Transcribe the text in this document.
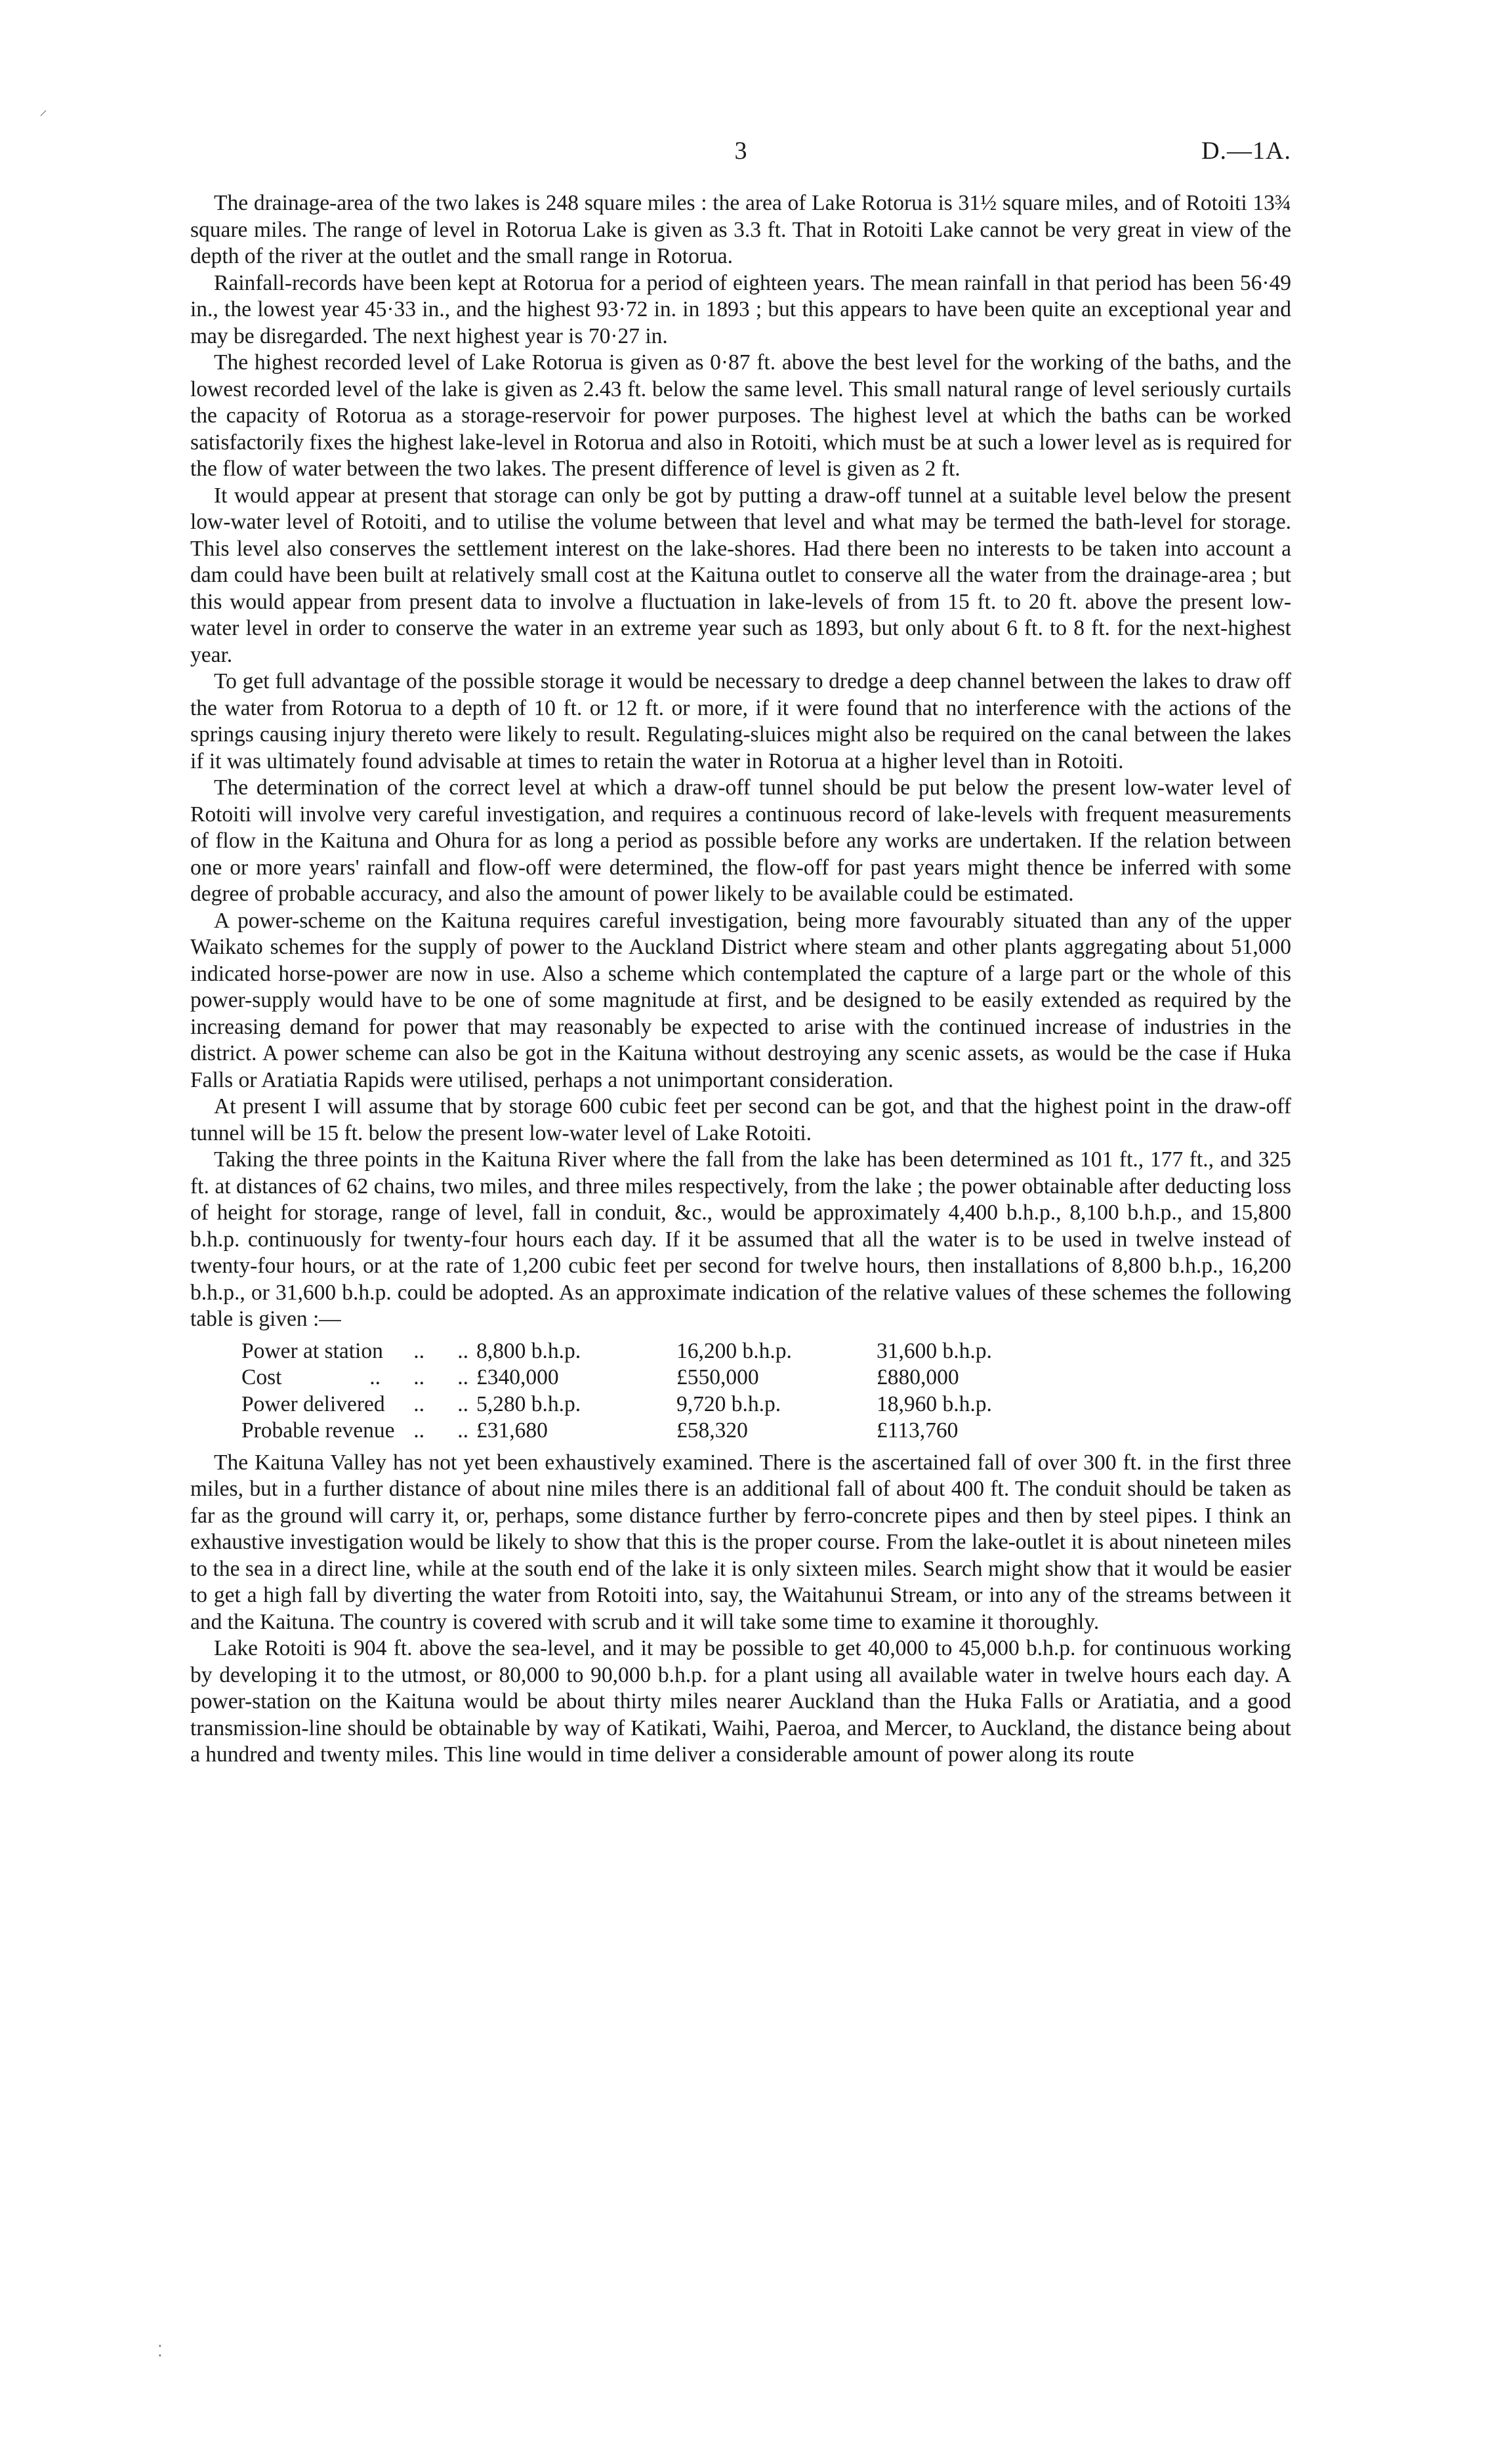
⸝
⁚
3	D.—1A.

The drainage-area of the two lakes is 248 square miles : the area of Lake Rotorua is 31½ square miles, and of Rotoiti 13¾ square miles. The range of level in Rotorua Lake is given as 3.3 ft. That in Rotoiti Lake cannot be very great in view of the depth of the river at the outlet and the small range in Rotorua.

Rainfall-records have been kept at Rotorua for a period of eighteen years. The mean rainfall in that period has been 56·49 in., the lowest year 45·33 in., and the highest 93·72 in. in 1893 ; but this appears to have been quite an exceptional year and may be disregarded. The next highest year is 70·27 in.

The highest recorded level of Lake Rotorua is given as 0·87 ft. above the best level for the working of the baths, and the lowest recorded level of the lake is given as 2.43 ft. below the same level. This small natural range of level seriously curtails the capacity of Rotorua as a storage-reservoir for power purposes. The highest level at which the baths can be worked satisfactorily fixes the highest lake-level in Rotorua and also in Rotoiti, which must be at such a lower level as is required for the flow of water between the two lakes. The present difference of level is given as 2 ft.

It would appear at present that storage can only be got by putting a draw-off tunnel at a suitable level below the present low-water level of Rotoiti, and to utilise the volume between that level and what may be termed the bath-level for storage. This level also conserves the settlement interest on the lake-shores. Had there been no interests to be taken into account a dam could have been built at relatively small cost at the Kaituna outlet to conserve all the water from the drainage-area ; but this would appear from present data to involve a fluctuation in lake-levels of from 15 ft. to 20 ft. above the present low-water level in order to conserve the water in an extreme year such as 1893, but only about 6 ft. to 8 ft. for the next-highest year.

To get full advantage of the possible storage it would be necessary to dredge a deep channel between the lakes to draw off the water from Rotorua to a depth of 10 ft. or 12 ft. or more, if it were found that no interference with the actions of the springs causing injury thereto were likely to result. Regulating-sluices might also be required on the canal between the lakes if it was ultimately found advisable at times to retain the water in Rotorua at a higher level than in Rotoiti.

The determination of the correct level at which a draw-off tunnel should be put below the present low-water level of Rotoiti will involve very careful investigation, and requires a continuous record of lake-levels with frequent measurements of flow in the Kaituna and Ohura for as long a period as possible before any works are undertaken. If the relation between one or more years' rainfall and flow-off were determined, the flow-off for past years might thence be inferred with some degree of probable accuracy, and also the amount of power likely to be available could be estimated.

A power-scheme on the Kaituna requires careful investigation, being more favourably situated than any of the upper Waikato schemes for the supply of power to the Auckland District where steam and other plants aggregating about 51,000 indicated horse-power are now in use. Also a scheme which contemplated the capture of a large part or the whole of this power-supply would have to be one of some magnitude at first, and be designed to be easily extended as required by the increasing demand for power that may reasonably be expected to arise with the continued increase of industries in the district. A power scheme can also be got in the Kaituna without destroying any scenic assets, as would be the case if Huka Falls or Aratiatia Rapids were utilised, perhaps a not unimportant consideration.

At present I will assume that by storage 600 cubic feet per second can be got, and that the highest point in the draw-off tunnel will be 15 ft. below the present low-water level of Lake Rotoiti.

Taking the three points in the Kaituna River where the fall from the lake has been determined as 101 ft., 177 ft., and 325 ft. at distances of 62 chains, two miles, and three miles respectively, from the lake ; the power obtainable after deducting loss of height for storage, range of level, fall in conduit, &c., would be approximately 4,400 b.h.p., 8,100 b.h.p., and 15,800 b.h.p. continuously for twenty-four hours each day. If it be assumed that all the water is to be used in twelve instead of twenty-four hours, or at the rate of 1,200 cubic feet per second for twelve hours, then installations of 8,800 b.h.p., 16,200 b.h.p., or 31,600 b.h.p. could be adopted. As an approximate indication of the relative values of these schemes the following table is given :—

Power at station ..      ..	8,800 b.h.p.	16,200 b.h.p.	31,600 b.h.p.
Cost ..      ..      ..	£340,000	£550,000	£880,000
Power delivered ..      ..	5,280 b.h.p.	9,720 b.h.p.	18,960 b.h.p.
Probable revenue ..      ..	£31,680	£58,320	£113,760

The Kaituna Valley has not yet been exhaustively examined. There is the ascertained fall of over 300 ft. in the first three miles, but in a further distance of about nine miles there is an additional fall of about 400 ft. The conduit should be taken as far as the ground will carry it, or, perhaps, some distance further by ferro-concrete pipes and then by steel pipes. I think an exhaustive investigation would be likely to show that this is the proper course. From the lake-outlet it is about nineteen miles to the sea in a direct line, while at the south end of the lake it is only sixteen miles. Search might show that it would be easier to get a high fall by diverting the water from Rotoiti into, say, the Waitahunui Stream, or into any of the streams between it and the Kaituna. The country is covered with scrub and it will take some time to examine it thoroughly.

Lake Rotoiti is 904 ft. above the sea-level, and it may be possible to get 40,000 to 45,000 b.h.p. for continuous working by developing it to the utmost, or 80,000 to 90,000 b.h.p. for a plant using all available water in twelve hours each day. A power-station on the Kaituna would be about thirty miles nearer Auckland than the Huka Falls or Aratiatia, and a good transmission-line should be obtainable by way of Katikati, Waihi, Paeroa, and Mercer, to Auckland, the distance being about a hundred and twenty miles. This line would in time deliver a considerable amount of power along its route
